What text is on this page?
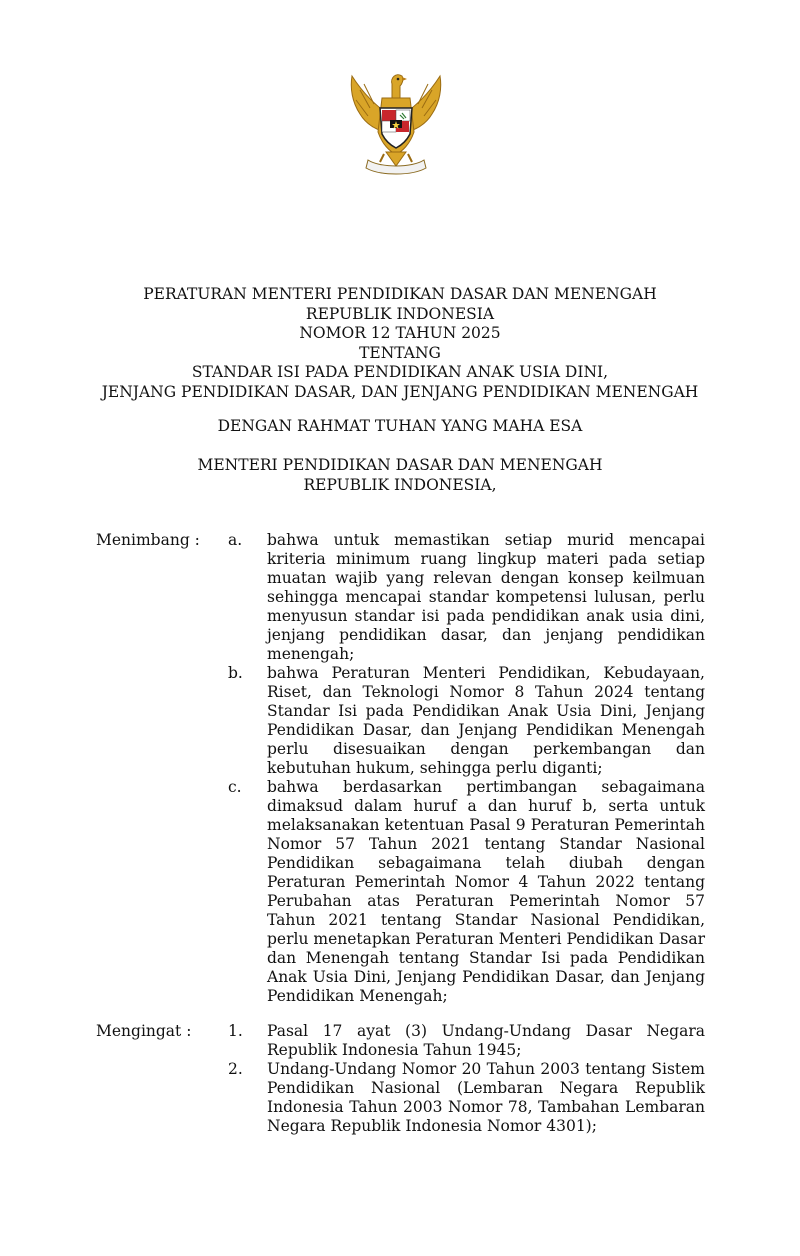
PERATURAN MENTERI PENDIDIKAN DASAR DAN MENENGAH
REPUBLIK INDONESIA
NOMOR 12 TAHUN 2025
TENTANG
STANDAR ISI PADA PENDIDIKAN ANAK USIA DINI,
JENJANG PENDIDIKAN DASAR, DAN JENJANG PENDIDIKAN MENENGAH
DENGAN RAHMAT TUHAN YANG MAHA ESA
MENTERI PENDIDIKAN DASAR DAN MENENGAH
REPUBLIK INDONESIA,
Menimbang : a. bahwa untuk memastikan setiap murid mencapai kriteria minimum ruang lingkup materi pada setiap muatan wajib yang relevan dengan konsep keilmuan sehingga mencapai standar kompetensi lulusan, perlu menyusun standar isi pada pendidikan anak usia dini, jenjang pendidikan dasar, dan jenjang pendidikan menengah;
b. bahwa Peraturan Menteri Pendidikan, Kebudayaan, Riset, dan Teknologi Nomor 8 Tahun 2024 tentang Standar Isi pada Pendidikan Anak Usia Dini, Jenjang Pendidikan Dasar, dan Jenjang Pendidikan Menengah perlu disesuaikan dengan perkembangan dan kebutuhan hukum, sehingga perlu diganti;
c. bahwa berdasarkan pertimbangan sebagaimana dimaksud dalam huruf a dan huruf b, serta untuk melaksanakan ketentuan Pasal 9 Peraturan Pemerintah Nomor 57 Tahun 2021 tentang Standar Nasional Pendidikan sebagaimana telah diubah dengan Peraturan Pemerintah Nomor 4 Tahun 2022 tentang Perubahan atas Peraturan Pemerintah Nomor 57 Tahun 2021 tentang Standar Nasional Pendidikan, perlu menetapkan Peraturan Menteri Pendidikan Dasar dan Menengah tentang Standar Isi pada Pendidikan Anak Usia Dini, Jenjang Pendidikan Dasar, dan Jenjang Pendidikan Menengah;
Mengingat : 1. Pasal 17 ayat (3) Undang-Undang Dasar Negara Republik Indonesia Tahun 1945;
2. Undang-Undang Nomor 20 Tahun 2003 tentang Sistem Pendidikan Nasional (Lembaran Negara Republik Indonesia Tahun 2003 Nomor 78, Tambahan Lembaran Negara Republik Indonesia Nomor 4301);
